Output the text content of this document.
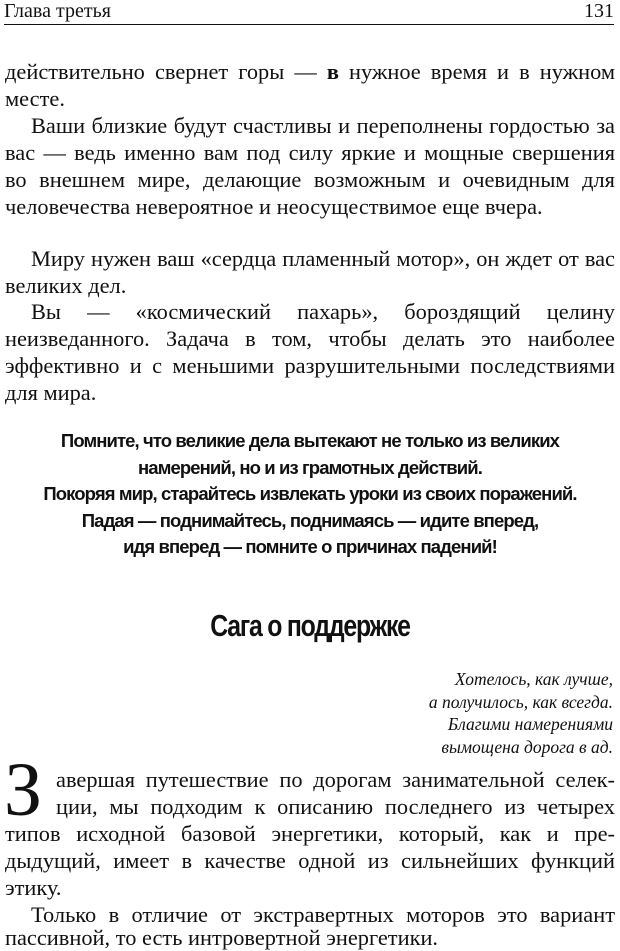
Глава третья	131

действительно свернет горы — в нужное время и в нужном месте.

Ваши близкие будут счастливы и переполнены гордостью за вас — ведь именно вам под силу яркие и мощные свершения во внешнем мире, делающие возможным и очевидным для человечества невероятное и неосуществимое еще вчера.

Миру нужен ваш «сердца пламенный мотор», он ждет от вас великих дел.

Вы — «космический пахарь», бороздящий целину неизведанного. Задача в том, чтобы делать это наиболее эффективно и с меньшими разрушительными последствиями для мира.

Помните, что великие дела вытекают не только из великих
намерений, но и из грамотных действий.
Покоряя мир, старайтесь извлекать уроки из своих поражений.
Падая — поднимайтесь, поднимаясь — идите вперед,
идя вперед — помните о причинах падений!
Сага о поддержке
Хотелось, как лучше,
а получилось, как всегда.
Благими намерениями
вымощена дорога в ад.
З авершая путешествие по дорогам занимательной селек-
ции, мы подходим к описанию последнего из четырех
типов исходной базовой энергетики, который, как и пре-
дыдущий, имеет в качестве одной из сильнейших функций
этику.
Только в отличие от экстравертных моторов это вариант
пассивной, то есть интровертной энергетики.
